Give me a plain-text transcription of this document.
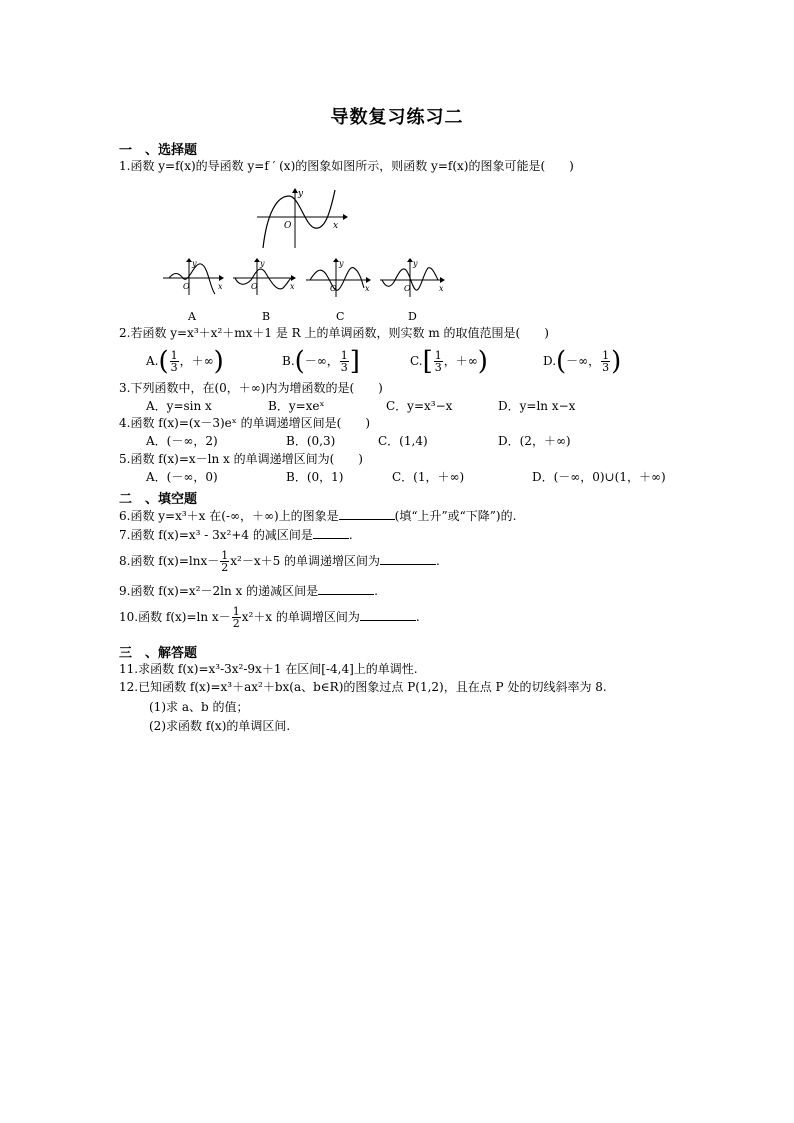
导数复习练习二
一　、选择题
1.函数 y=f(x)的导函数 y=f ′ (x)的图象如图所示，则函数 y=f(x)的图象可能是(　　)
x
y
O
x
y
O	x
y
O	x
y
O	x
y
O
A	B	C	D
2.若函数 y=x³＋x²＋mx＋1 是 R 上的单调函数，则实数 m 的取值范围是(　　)
$A.( \frac{1}{3}$ ，＋∞)	B.(－∞， $\frac{1}{3}$ ]	$C.[ \frac{1}{3}$ ，＋∞)	D.(－∞， $\frac{1}{3}$ )
3.下列函数中，在(0，＋∞)内为增函数的是(　　)
A．y=sin x	B．y=xeˣ	C．y=x³−x	D．y=ln x−x
4.函数 f(x)=(x－3)eˣ 的单调递增区间是(　　)
A．(－∞，2)	B．(0,3)	C．(1,4)	D．(2，＋∞)
5.函数 f(x)=x－ln x 的单调递增区间为(　　)
A．(－∞，0)	B．(0，1)	C．(1，＋∞)	D．(－∞，0)∪(1，＋∞)
二　、填空题
6.函数 y=x³＋x 在(-∞，＋∞)上的图象是	(填“上升”或“下降”)的.
7.函数 f(x)=x³ - 3x²+4 的减区间是	.
8.函数 $f(x)=\ln x- \frac{1}{2} x^2-x+5$ 的单调递增区间为	.
9.函数 f(x)=x²－2ln x 的递减区间是	.
10.函数 f(x)=ln $x- \frac{1}{2} x^2+x$ 的单调增区间为	.
三　、解答题
11.求函数 f(x)=x³-3x²-9x＋1 在区间[-4,4]上的单调性.
12.已知函数 f(x)=x³＋ax²＋bx(a、b∈R)的图象过点 P(1,2)，且在点 P 处的切线斜率为 8.
(1)求 a、b 的值；
(2)求函数 f(x)的单调区间.
